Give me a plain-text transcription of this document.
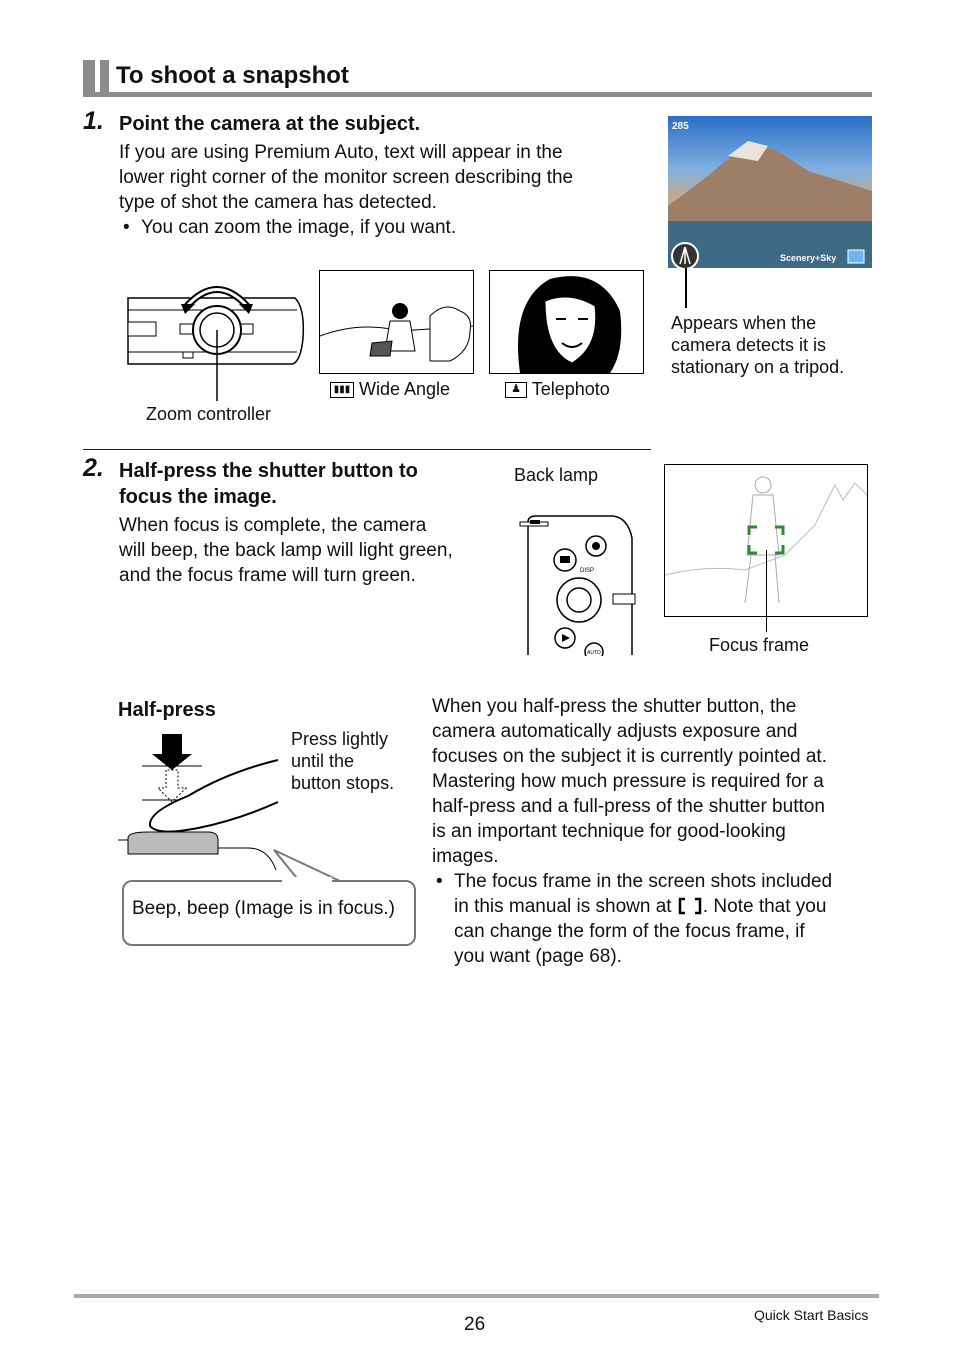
To shoot a snapshot
1. Point the camera at the subject.
If you are using Premium Auto, text will appear in the
lower right corner of the monitor screen describing the
type of shot the camera has detected.
• You can zoom the image, if you want.
Zoom controller
▮▮▮ Wide Angle	♟ Telephoto
285
Scenery+Sky
Appears when the
camera detects it is
stationary on a tripod.
2. Half-press the shutter button to
focus the image.
When focus is complete, the camera
will beep, the back lamp will light green,
and the focus frame will turn green.
Back lamp
DISP
AUTO	Focus frame
Half-press
Press lightly
until the
button stops.
Beep, beep (Image is in focus.)
When you half-press the shutter button, the
camera automatically adjusts exposure and
focuses on the subject it is currently pointed at.
Mastering how much pressure is required for a
half-press and a full-press of the shutter button
is an important technique for good-looking
images.
• The focus frame in the screen shots included
in this manual is shown at . Note that you
can change the form of the focus frame, if
you want (page 68).
26	Quick Start Basics
